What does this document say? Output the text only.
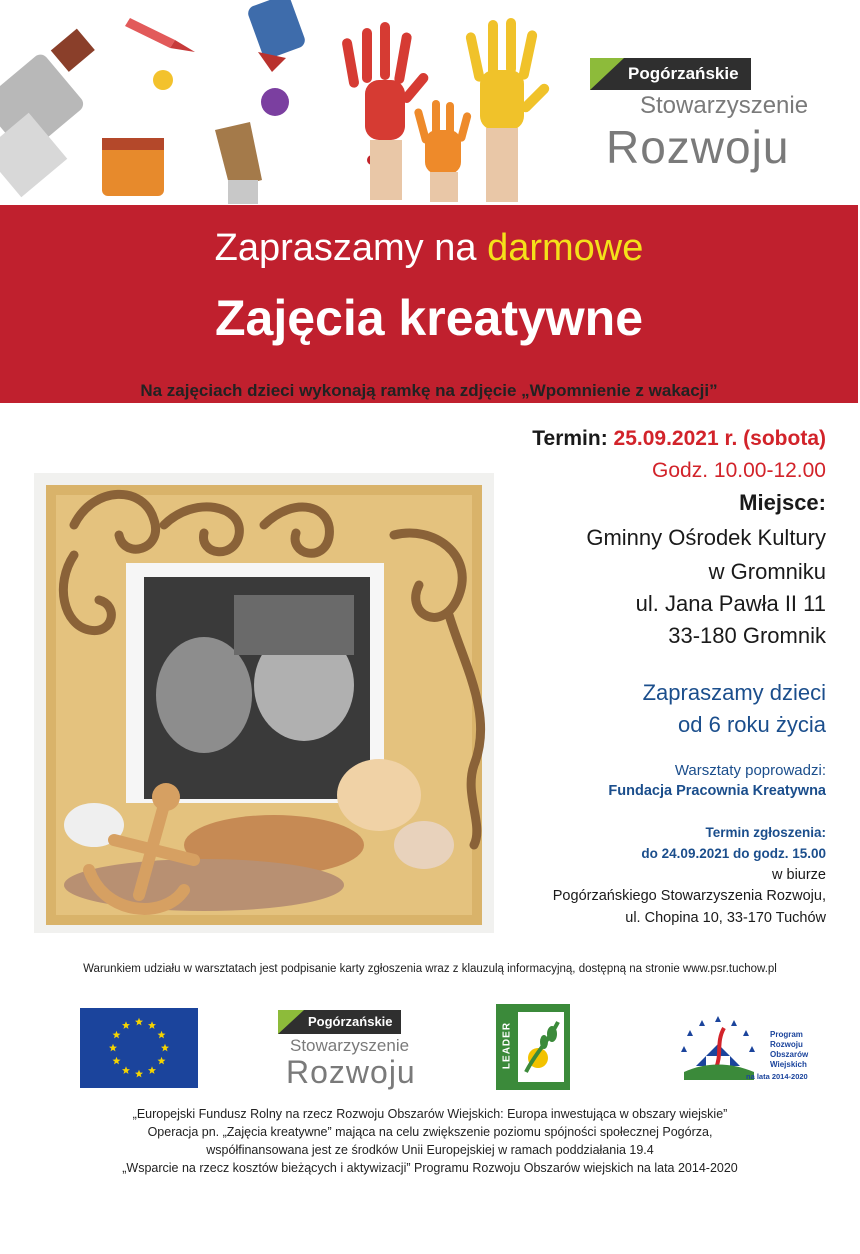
Pogórzańskie
Stowarzyszenie
Rozwoju
Zapraszamy na darmowe
Zajęcia kreatywne
Na zajęciach dzieci wykonają ramkę na zdjęcie „Wpomnienie z wakacji”
Termin: 25.09.2021 r. (sobota)
Godz. 10.00-12.00
Miejsce:
Gminny Ośrodek Kultury
w Gromniku
ul. Jana Pawła II 11
33-180 Gromnik
Zapraszamy dzieci
od 6 roku życia
Warsztaty poprowadzi:
Fundacja Pracownia Kreatywna
Termin zgłoszenia:
do 24.09.2021 do godz. 15.00
w biurze
Pogórzańskiego Stowarzyszenia Rozwoju,
ul. Chopina 10, 33-170 Tuchów
Warunkiem udziału w warsztatach jest podpisanie karty zgłoszenia wraz z klauzulą informacyjną, dostępną na stronie www.psr.tuchow.pl
Pogórzańskie
Stowarzyszenie
Rozwoju
LEADER	Program
Rozwoju
Obszarów
Wiejskich
na lata 2014-2020
„Europejski Fundusz Rolny na rzecz Rozwoju Obszarów Wiejskich: Europa inwestująca w obszary wiejskie”
Operacja pn. „Zajęcia kreatywne” mająca na celu zwiększenie poziomu spójności społecznej Pogórza,
współfinansowana jest ze środków Unii Europejskiej w ramach poddziałania 19.4
„Wsparcie na rzecz kosztów bieżących i aktywizacji” Programu Rozwoju Obszarów wiejskich na lata 2014-2020
